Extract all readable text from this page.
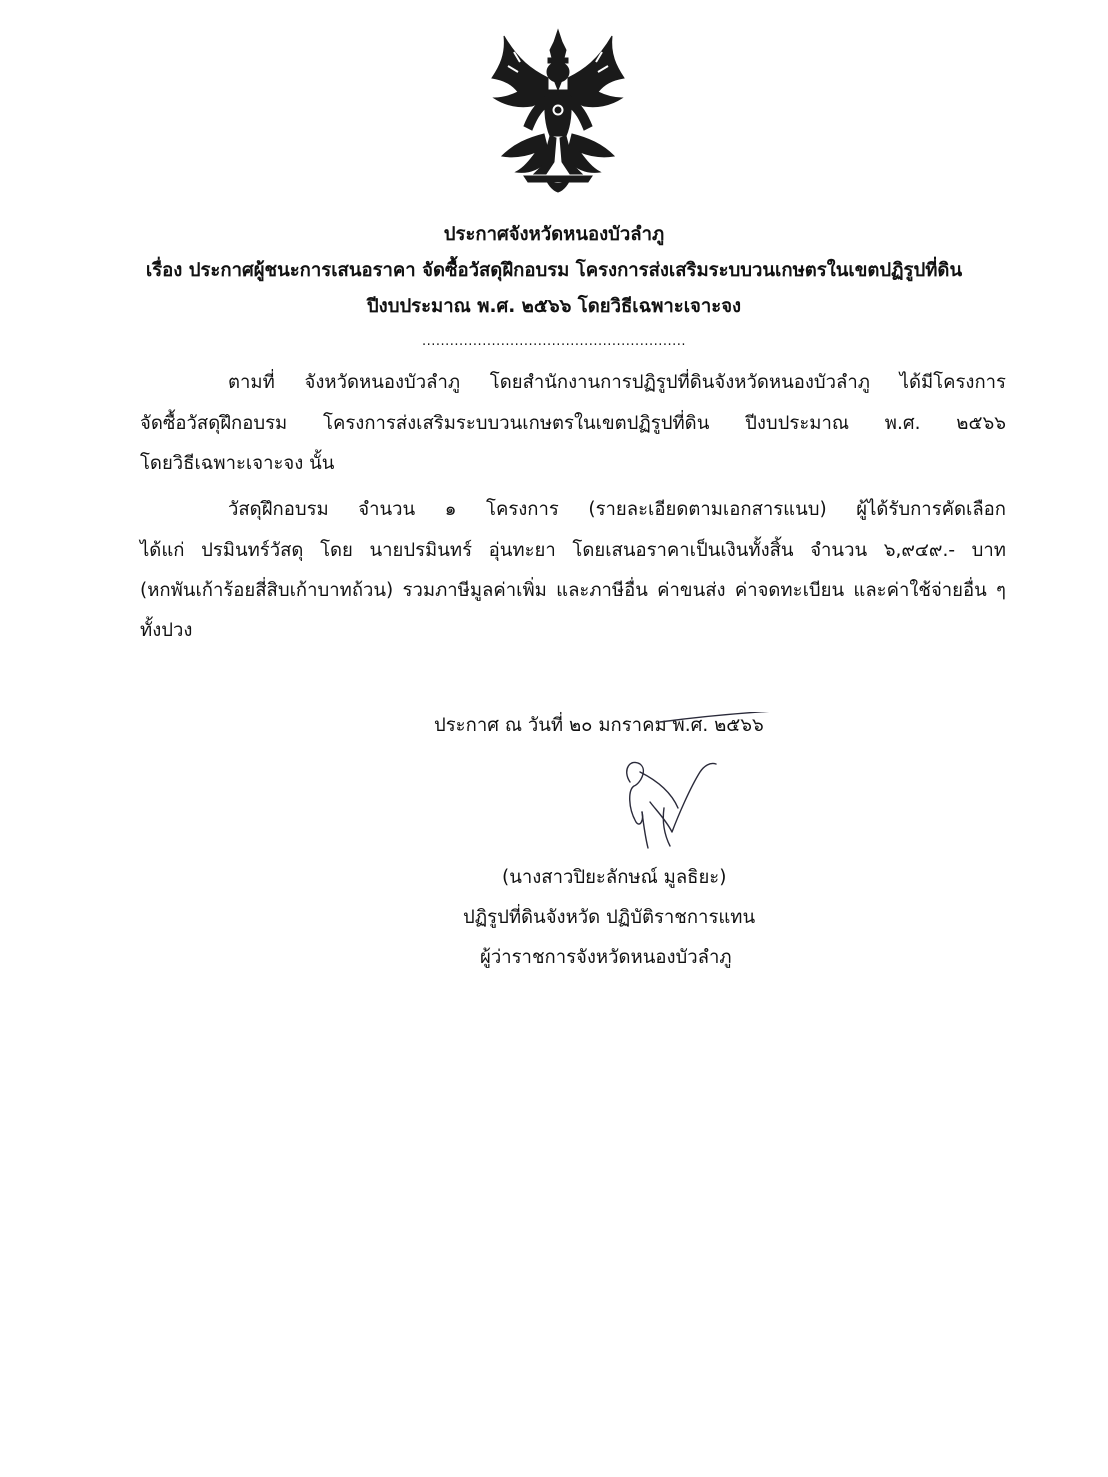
ประกาศจังหวัดหนองบัวลำภู
เรื่อง ประกาศผู้ชนะการเสนอราคา จัดซื้อวัสดุฝึกอบรม โครงการส่งเสริมระบบวนเกษตรในเขตปฏิรูปที่ดิน
ปีงบประมาณ พ.ศ. ๒๕๖๖ โดยวิธีเฉพาะเจาะจง
.........................................................
ตามที่ จังหวัดหนองบัวลำภู โดยสำนักงานการปฏิรูปที่ดินจังหวัดหนองบัวลำภู ได้มีโครงการ
จัดซื้อวัสดุฝึกอบรม โครงการส่งเสริมระบบวนเกษตรในเขตปฏิรูปที่ดิน ปีงบประมาณ พ.ศ. ๒๕๖๖
โดยวิธีเฉพาะเจาะจง นั้น
วัสดุฝึกอบรม จำนวน ๑ โครงการ (รายละเอียดตามเอกสารแนบ) ผู้ได้รับการคัดเลือก
ได้แก่ ปรมินทร์วัสดุ โดย นายปรมินทร์ อุ่นทะยา โดยเสนอราคาเป็นเงินทั้งสิ้น จำนวน ๖,๙๔๙.- บาท
(หกพันเก้าร้อยสี่สิบเก้าบาทถ้วน) รวมภาษีมูลค่าเพิ่ม และภาษีอื่น ค่าขนส่ง ค่าจดทะเบียน และค่าใช้จ่ายอื่น ๆ
ทั้งปวง
ประกาศ ณ วันที่ ๒๐ มกราคม พ.ศ. ๒๕๖๖
(นางสาวปิยะลักษณ์ มูลธิยะ)
ปฏิรูปที่ดินจังหวัด ปฏิบัติราชการแทน
ผู้ว่าราชการจังหวัดหนองบัวลำภู
